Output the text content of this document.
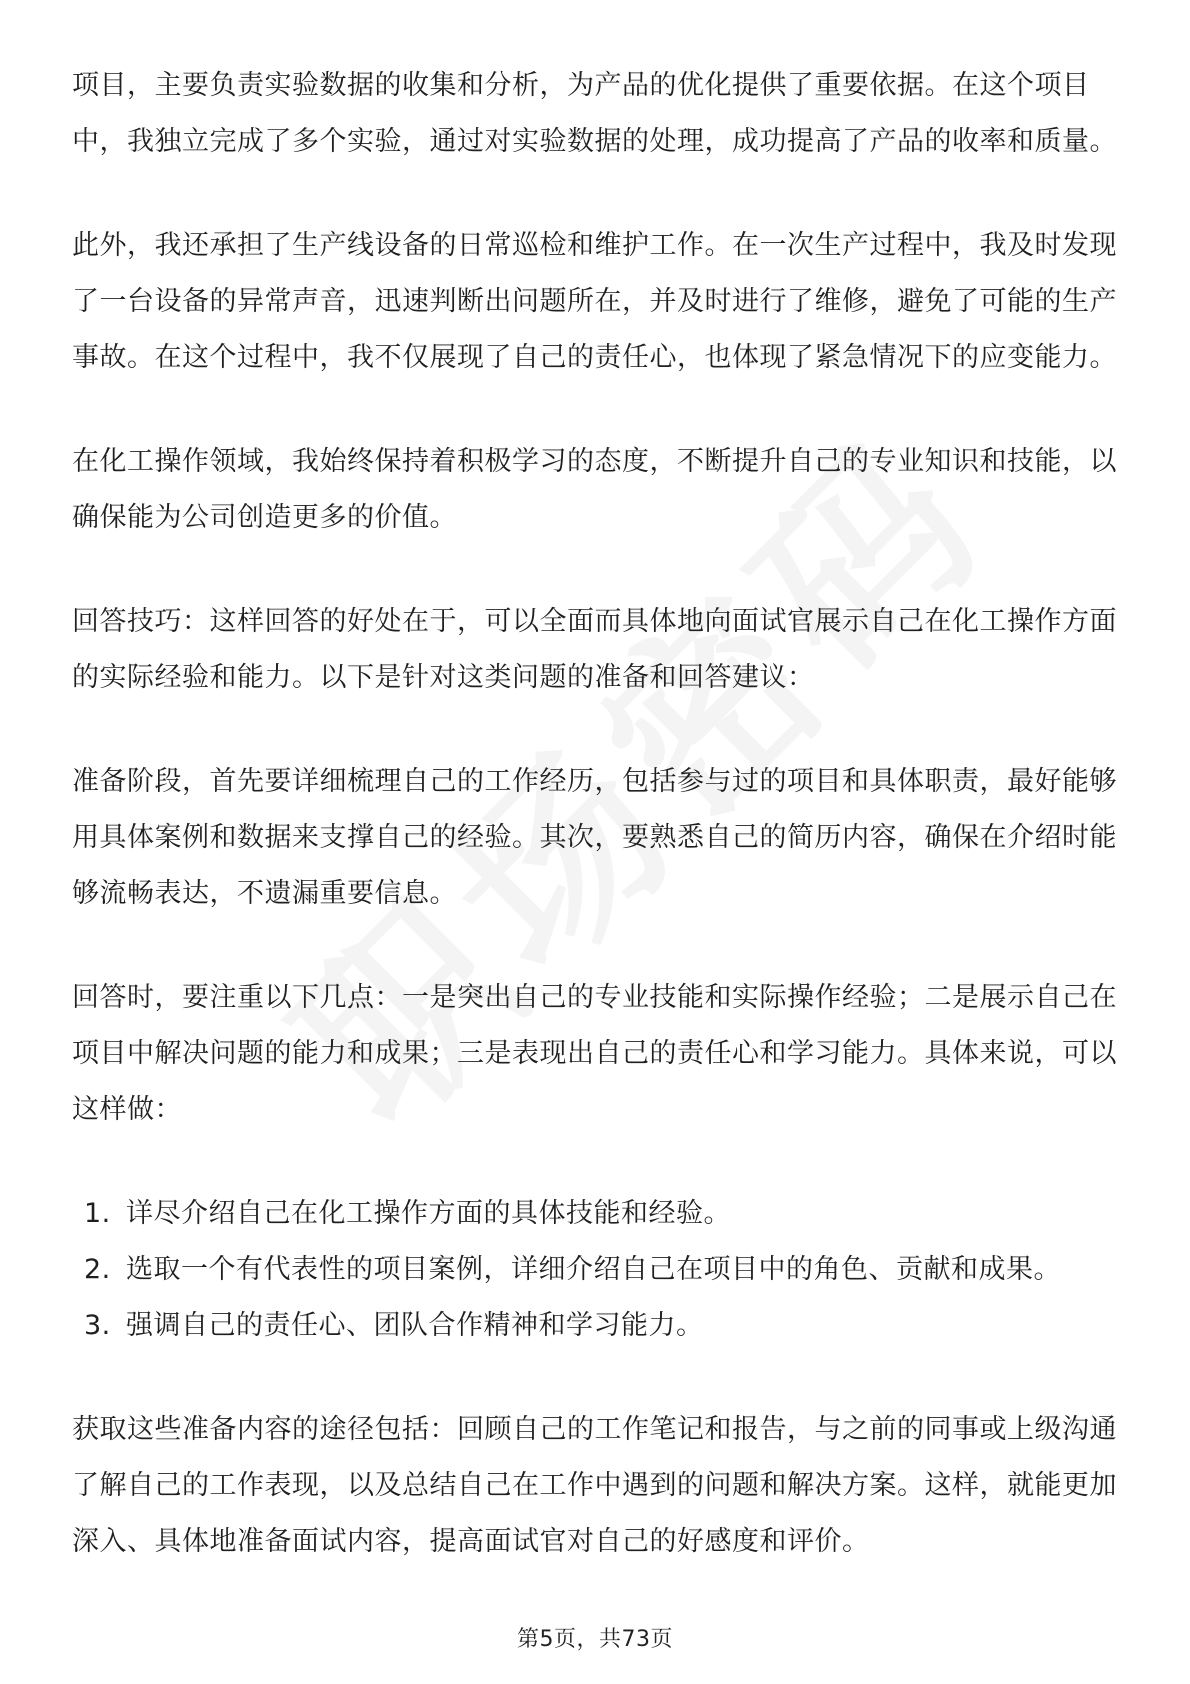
项目，主要负责实验数据的收集和分析，为产品的优化提供了重要依据。在这个项目中，我独立完成了多个实验，通过对实验数据的处理，成功提高了产品的收率和质量。

此外，我还承担了生产线设备的日常巡检和维护工作。在一次生产过程中，我及时发现了一台设备的异常声音，迅速判断出问题所在，并及时进行了维修，避免了可能的生产事故。在这个过程中，我不仅展现了自己的责任心，也体现了紧急情况下的应变能力。

在化工操作领域，我始终保持着积极学习的态度，不断提升自己的专业知识和技能，以确保能为公司创造更多的价值。

回答技巧：这样回答的好处在于，可以全面而具体地向面试官展示自己在化工操作方面的实际经验和能力。以下是针对这类问题的准备和回答建议：

准备阶段，首先要详细梳理自己的工作经历，包括参与过的项目和具体职责，最好能够用具体案例和数据来支撑自己的经验。其次，要熟悉自己的简历内容，确保在介绍时能够流畅表达，不遗漏重要信息。

回答时，要注重以下几点：一是突出自己的专业技能和实际操作经验；二是展示自己在项目中解决问题的能力和成果；三是表现出自己的责任心和学习能力。具体来说，可以这样做：

1. 详尽介绍自己在化工操作方面的具体技能和经验。
2. 选取一个有代表性的项目案例，详细介绍自己在项目中的角色、贡献和成果。
3. 强调自己的责任心、团队合作精神和学习能力。

获取这些准备内容的途径包括：回顾自己的工作笔记和报告，与之前的同事或上级沟通了解自己的工作表现，以及总结自己在工作中遇到的问题和解决方案。这样，就能更加深入、具体地准备面试内容，提高面试官对自己的好感度和评价。

第5页，共73页
